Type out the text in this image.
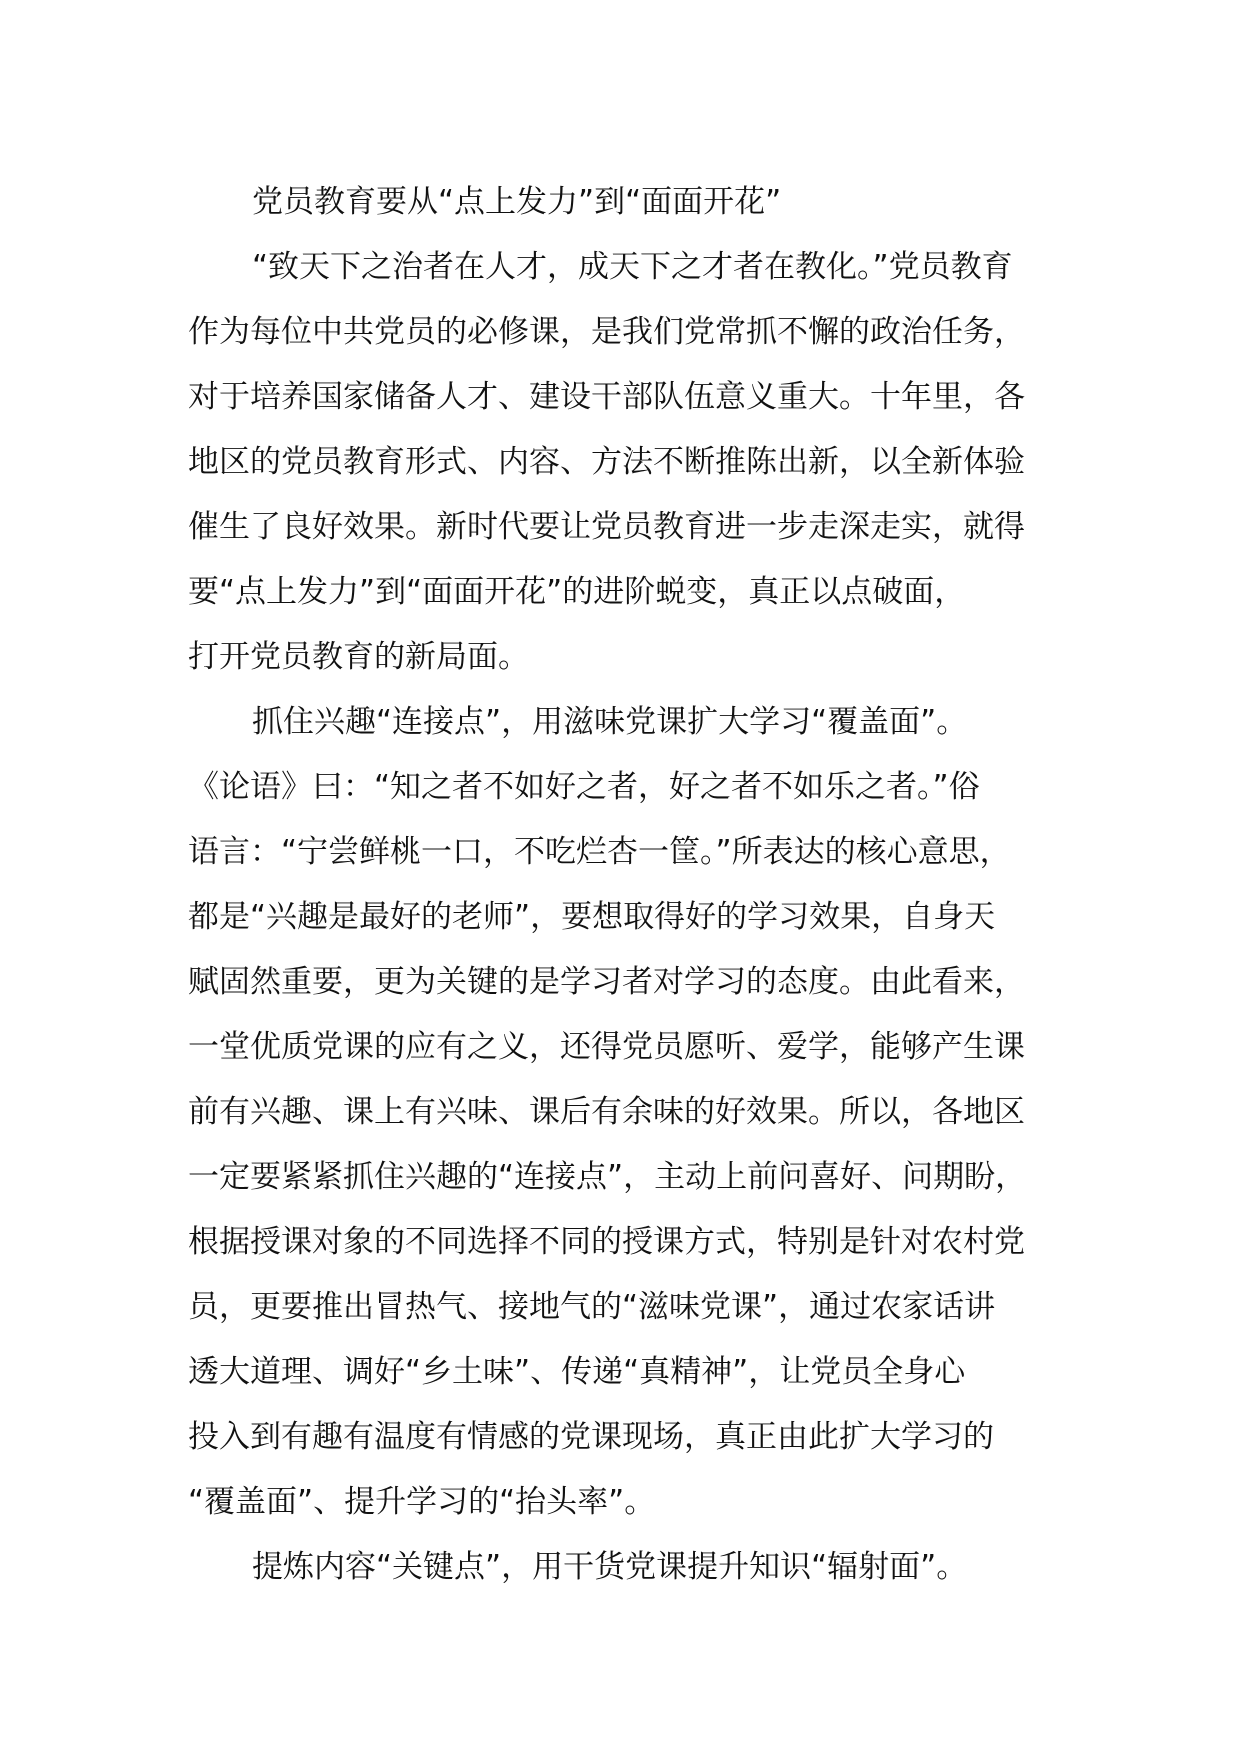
党员教育要从“点上发力”到“面面开花”

“致天下之治者在人才，成天下之才者在教化。”党员教育
作为每位中共党员的必修课，是我们党常抓不懈的政治任务，
对于培养国家储备人才、建设干部队伍意义重大。十年里，各
地区的党员教育形式、内容、方法不断推陈出新，以全新体验
催生了良好效果。新时代要让党员教育进一步走深走实，就得
要“点上发力”到“面面开花”的进阶蜕变，真正以点破面，
打开党员教育的新局面。

抓住兴趣“连接点”，用滋味党课扩大学习“覆盖面”。
《论语》曰：“知之者不如好之者，好之者不如乐之者。”俗
语言：“宁尝鲜桃一口，不吃烂杏一筐。”所表达的核心意思，
都是“兴趣是最好的老师”，要想取得好的学习效果，自身天
赋固然重要，更为关键的是学习者对学习的态度。由此看来，
一堂优质党课的应有之义，还得党员愿听、爱学，能够产生课
前有兴趣、课上有兴味、课后有余味的好效果。所以，各地区
一定要紧紧抓住兴趣的“连接点”，主动上前问喜好、问期盼，
根据授课对象的不同选择不同的授课方式，特别是针对农村党
员，更要推出冒热气、接地气的“滋味党课”，通过农家话讲
透大道理、调好“乡土味”、传递“真精神”，让党员全身心
投入到有趣有温度有情感的党课现场，真正由此扩大学习的
“覆盖面”、提升学习的“抬头率”。

提炼内容“关键点”，用干货党课提升知识“辐射面”。
